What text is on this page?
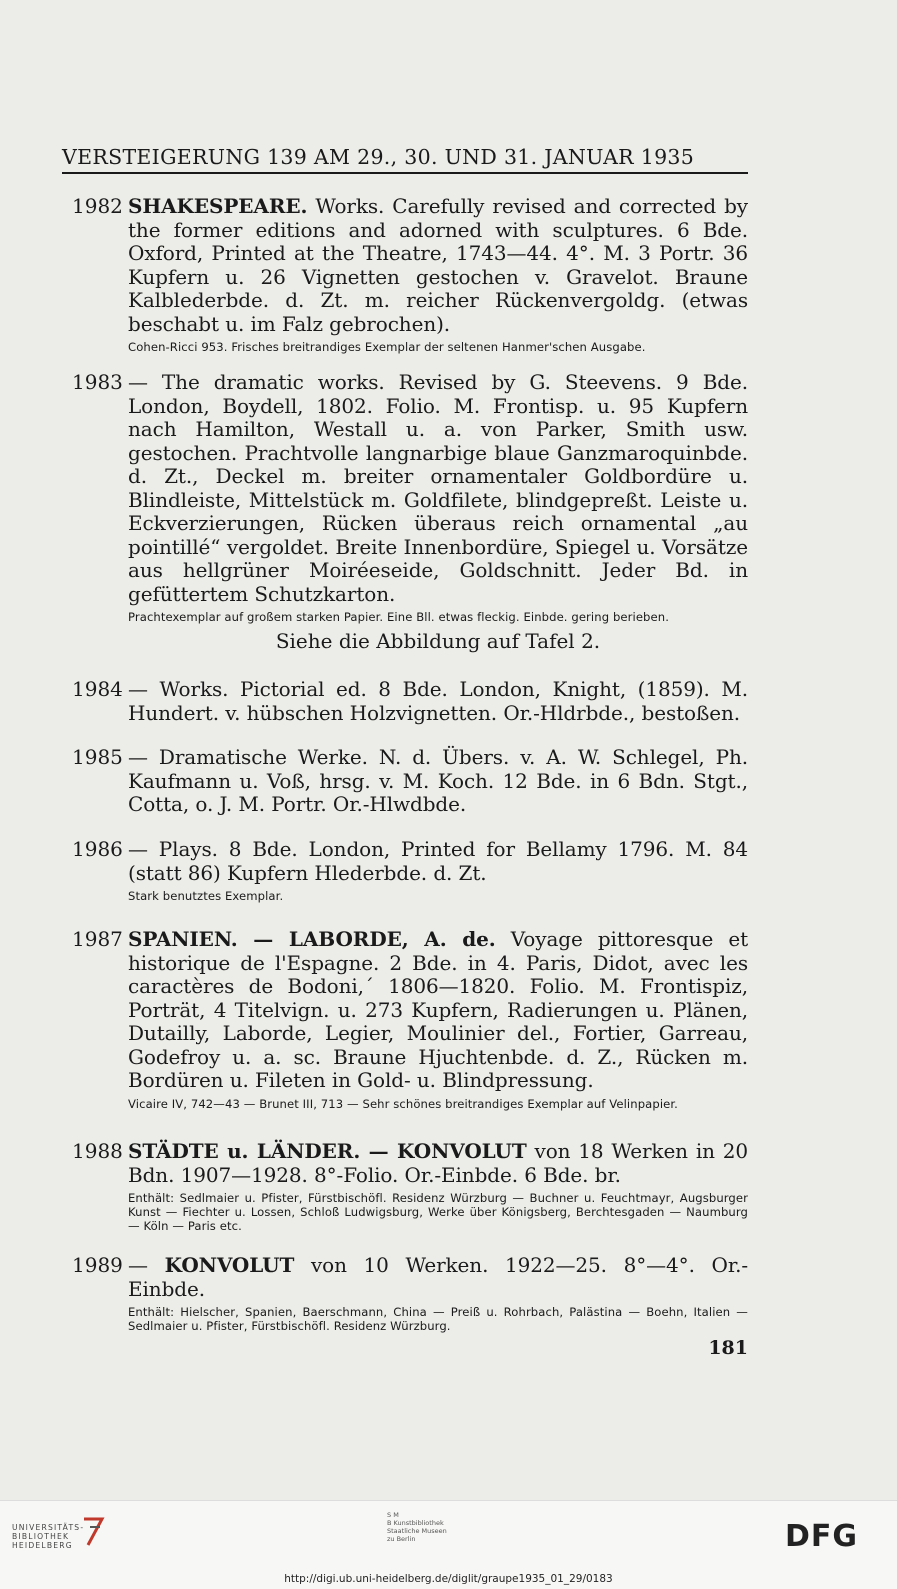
VERSTEIGERUNG 139 AM 29., 30. UND 31. JANUAR 1935
1982 SHAKESPEARE. Works. Carefully revised and corrected by the former editions and adorned with sculptures. 6 Bde. Oxford, Printed at the Theatre, 1743—44. 4°. M. 3 Portr. 36 Kupfern u. 26 Vignetten gestochen v. Gravelot. Braune Kalblederbde. d. Zt. m. reicher Rückenvergoldg. (etwas beschabt u. im Falz gebrochen).
Cohen-Ricci 953. Frisches breitrandiges Exemplar der seltenen Hanmer'schen Ausgabe.
1983 — The dramatic works. Revised by G. Steevens. 9 Bde. London, Boydell, 1802. Folio. M. Frontisp. u. 95 Kupfern nach Hamilton, Westall u. a. von Parker, Smith usw. gestochen. Prachtvolle langnarbige blaue Ganzmaroquinbde. d. Zt., Deckel m. breiter ornamentaler Goldbordüre u. Blindleiste, Mittelstück m. Goldfilete, blindgepreßt. Leiste u. Eckverzierungen, Rücken überaus reich ornamental „au pointillé“ vergoldet. Breite Innenbordüre, Spiegel u. Vorsätze aus hellgrüner Moiréeseide, Goldschnitt. Jeder Bd. in gefüttertem Schutzkarton.
Prachtexemplar auf großem starken Papier. Eine Bll. etwas fleckig. Einbde. gering berieben.
Siehe die Abbildung auf Tafel 2.
1984 — Works. Pictorial ed. 8 Bde. London, Knight, (1859). M. Hundert. v. hübschen Holzvignetten. Or.-Hldrbde., bestoßen.
1985 — Dramatische Werke. N. d. Übers. v. A. W. Schlegel, Ph. Kaufmann u. Voß, hrsg. v. M. Koch. 12 Bde. in 6 Bdn. Stgt., Cotta, o. J. M. Portr. Or.-Hlwdbde.
1986 — Plays. 8 Bde. London, Printed for Bellamy 1796. M. 84 (statt 86) Kupfern Hlederbde. d. Zt.
Stark benutztes Exemplar.
1987 SPANIEN. — LABORDE, A. de. Voyage pittoresque et historique de l'Espagne. 2 Bde. in 4. Paris, Didot, avec les caractères de Bodoni,´ 1806—1820. Folio. M. Frontispiz, Porträt, 4 Titelvign. u. 273 Kupfern, Radierungen u. Plänen, Dutailly, Laborde, Legier, Moulinier del., Fortier, Garreau, Godefroy u. a. sc. Braune Hjuchtenbde. d. Z., Rücken m. Bordüren u. Fileten in Gold- u. Blindpressung.
Vicaire IV, 742—43 — Brunet III, 713 — Sehr schönes breitrandiges Exemplar auf Velinpapier.
1988 STÄDTE u. LÄNDER. — KONVOLUT von 18 Werken in 20 Bdn. 1907—1928. 8°-Folio. Or.-Einbde. 6 Bde. br.
Enthält: Sedlmaier u. Pfister, Fürstbischöfl. Residenz Würzburg — Buchner u. Feuchtmayr, Augsburger Kunst — Fiechter u. Lossen, Schloß Ludwigsburg, Werke über Königsberg, Berchtesgaden — Naumburg — Köln — Paris etc.
1989 — KONVOLUT von 10 Werken. 1922—25. 8°—4°. Or.-Einbde.
Enthält: Hielscher, Spanien, Baerschmann, China — Preiß u. Rohrbach, Palästina — Boehn, Italien — Sedlmaier u. Pfister, Fürstbischöfl. Residenz Würzburg.
181
UNIVERSITÄTS-
BIBLIOTHEK
HEIDELBERG
S M
B Kunstbibliothek
Staatliche Museen
zu Berlin	DFG
http://digi.ub.uni-heidelberg.de/diglit/graupe1935_01_29/0183
